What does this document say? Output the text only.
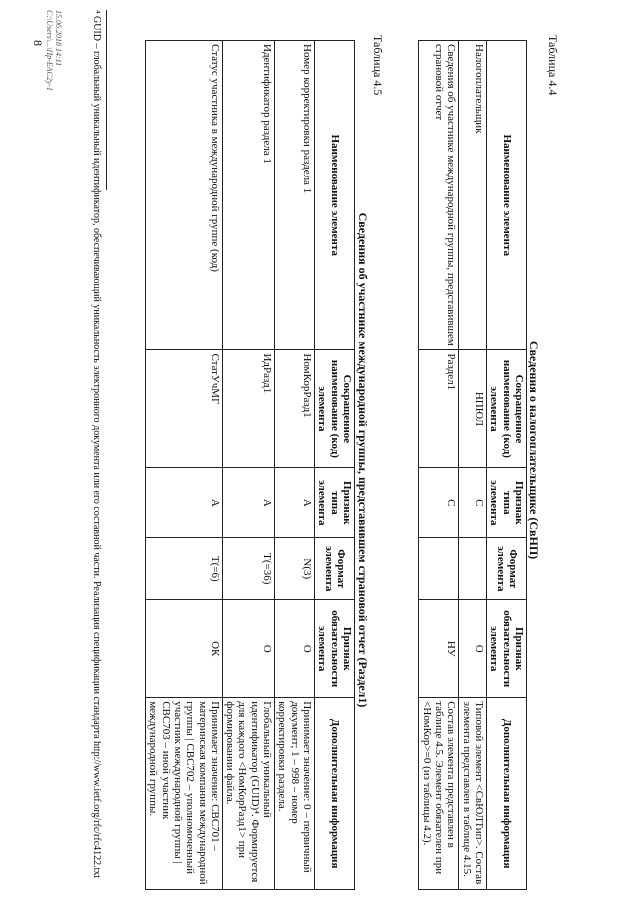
8	Таблица 4.4
Сведения о налогоплательщике (СвНП)
Наименование элемента	Сокращенное наименование (код) элемента	Признак типа элемента	Формат элемента	Признак обязательности элемента	Дополнительная информация
Налогоплательщик	НПЮЛ	С		О	Типовой элемент <СвЮЛТип>. Состав элемента представлен в таблице 4.15.
Сведения об участнике международной группы, представившем страновой отчет	Раздел1	С		НУ	Состав элемента представлен в таблице 4.5. Элемент обязателен при <НомКор>=0 (из таблицы 4.2).
Таблица 4.5
Сведения об участнике международной группы, представившем страновой отчет (Раздел1)
Наименование элемента	Сокращенное наименование (код) элемента	Признак типа элемента	Формат элемента	Признак обязательности элемента	Дополнительная информация
Номер корректировки раздела 1	НомКорРазд1	А	N(3)	О	Принимает значение: 0 – первичный документ; 1 – 998 – номер корректировки раздела.
Идентификатор раздела 1	ИдРазд1	А	T(=36)	О	Глобальный уникальный идентификатор (GUID)⁴. Формируется для каждого <НомКорРазд1> при формировании файла.
Статус участника в международной группе (код)	СтатУчМГ	А	T(=6)	ОК	Принимает значение: СВС701 – материнская компания международной группы | СВС702 – уполномоченный участник международной группы | СВС703 – иной участник международной группы.
⁴ GUID – глобальный уникальный идентификатор, обеспечивающий уникальность электронного документа или его составной части. Реализация спецификации стандарта http://www.ietf.org/rfc/rfc4122.txt
15.06.2018 14:11
С:\Users\...\Пр-ЕАС2у-1
